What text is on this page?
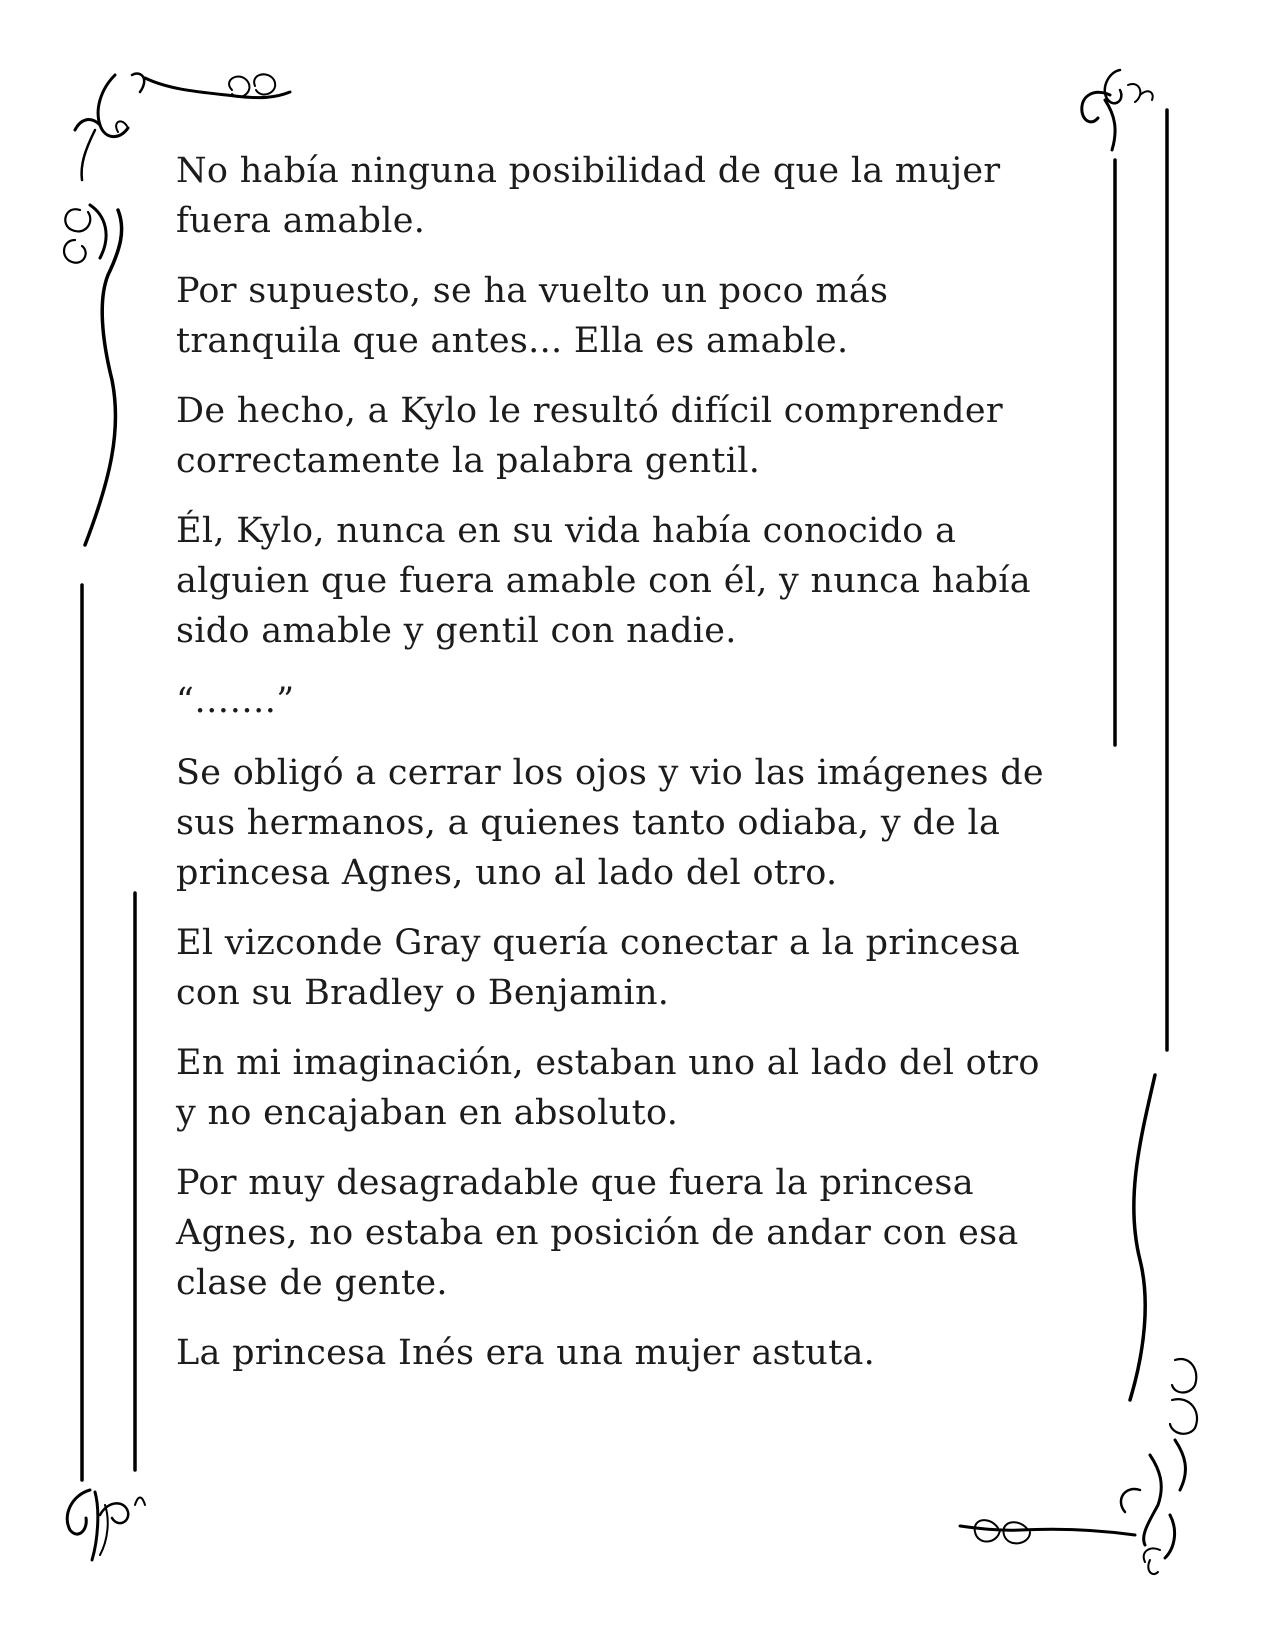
No había ninguna posibilidad de que la mujer
fuera amable.

Por supuesto, se ha vuelto un poco más
tranquila que antes... Ella es amable.

De hecho, a Kylo le resultó difícil comprender
correctamente la palabra gentil.

Él, Kylo, nunca en su vida había conocido a
alguien que fuera amable con él, y nunca había
sido amable y gentil con nadie.

“…….”

Se obligó a cerrar los ojos y vio las imágenes de
sus hermanos, a quienes tanto odiaba, y de la
princesa Agnes, uno al lado del otro.

El vizconde Gray quería conectar a la princesa
con su Bradley o Benjamin.

En mi imaginación, estaban uno al lado del otro
y no encajaban en absoluto.

Por muy desagradable que fuera la princesa
Agnes, no estaba en posición de andar con esa
clase de gente.

La princesa Inés era una mujer astuta.
